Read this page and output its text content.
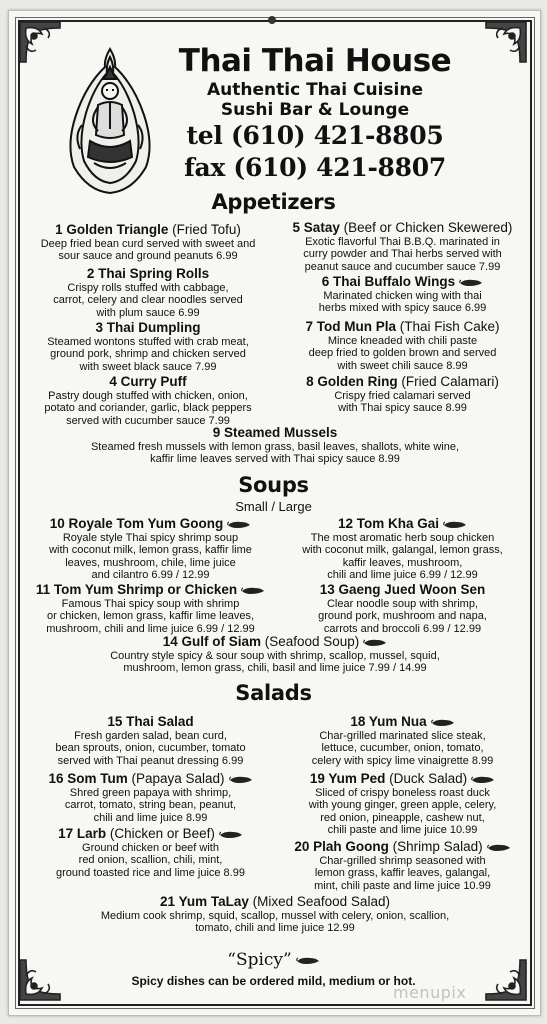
Thai Thai House
Authentic Thai Cuisine
Sushi Bar & Lounge
tel (610) 421-8805
fax (610) 421-8807
Appetizers
Soups
Small / Large
Salads
1 Golden Triangle (Fried Tofu)
Deep fried bean curd served with sweet and
sour sauce and ground peanuts 6.99
5 Satay (Beef or Chicken Skewered)
Exotic flavorful Thai B.B.Q. marinated in
curry powder and Thai herbs served with
peanut sauce and cucumber sauce 7.99
2 Thai Spring Rolls
Crispy rolls stuffed with cabbage,
carrot, celery and clear noodles served
with plum sauce 6.99
6 Thai Buffalo Wings
Marinated chicken wing with thai
herbs mixed with spicy sauce 6.99
3 Thai Dumpling
Steamed wontons stuffed with crab meat,
ground pork, shrimp and chicken served
with sweet black sauce 7.99
7 Tod Mun Pla (Thai Fish Cake)
Mince kneaded with chili paste
deep fried to golden brown and served
with sweet chili sauce 8.99
4 Curry Puff
Pastry dough stuffed with chicken, onion,
potato and coriander, garlic, black peppers
served with cucumber sauce 7.99
8 Golden Ring (Fried Calamari)
Crispy fried calamari served
with Thai spicy sauce 8.99
9 Steamed Mussels
Steamed fresh mussels with lemon grass, basil leaves, shallots, white wine,
kaffir lime leaves served with Thai spicy sauce 8.99
10 Royale Tom Yum Goong
Royale style Thai spicy shrimp soup
with coconut milk, lemon grass, kaffir lime
leaves, mushroom, chile, lime juice
and cilantro 6.99 / 12.99
12 Tom Kha Gai
The most aromatic herb soup chicken
with coconut milk, galangal, lemon grass,
kaffir leaves, mushroom,
chili and lime juice 6.99 / 12.99
11 Tom Yum Shrimp or Chicken
Famous Thai spicy soup with shrimp
or chicken, lemon grass, kaffir lime leaves,
mushroom, chili and lime juice 6.99 / 12.99
13 Gaeng Jued Woon Sen
Clear noodle soup with shrimp,
ground pork, mushroom and napa,
carrots and broccoli 6.99 / 12.99
14 Gulf of Siam (Seafood Soup)
Country style spicy & sour soup with shrimp, scallop, mussel, squid,
mushroom, lemon grass, chili, basil and lime juice 7.99 / 14.99
15 Thai Salad
Fresh garden salad, bean curd,
bean sprouts, onion, cucumber, tomato
served with Thai peanut dressing 6.99
18 Yum Nua
Char-grilled marinated slice steak,
lettuce, cucumber, onion, tomato,
celery with spicy lime vinaigrette 8.99
16 Som Tum (Papaya Salad)
Shred green papaya with shrimp,
carrot, tomato, string bean, peanut,
chili and lime juice 8.99
19 Yum Ped (Duck Salad)
Sliced of crispy boneless roast duck
with young ginger, green apple, celery,
red onion, pineapple, cashew nut,
chili paste and lime juice 10.99
17 Larb (Chicken or Beef)
Ground chicken or beef with
red onion, scallion, chili, mint,
ground toasted rice and lime juice 8.99
20 Plah Goong (Shrimp Salad)
Char-grilled shrimp seasoned with
lemon grass, kaffir leaves, galangal,
mint, chili paste and lime juice 10.99
21 Yum TaLay (Mixed Seafood Salad)
Medium cook shrimp, squid, scallop, mussel with celery, onion, scallion,
tomato, chili and lime juice 12.99
“Spicy”
Spicy dishes can be ordered mild, medium or hot.
menupix
